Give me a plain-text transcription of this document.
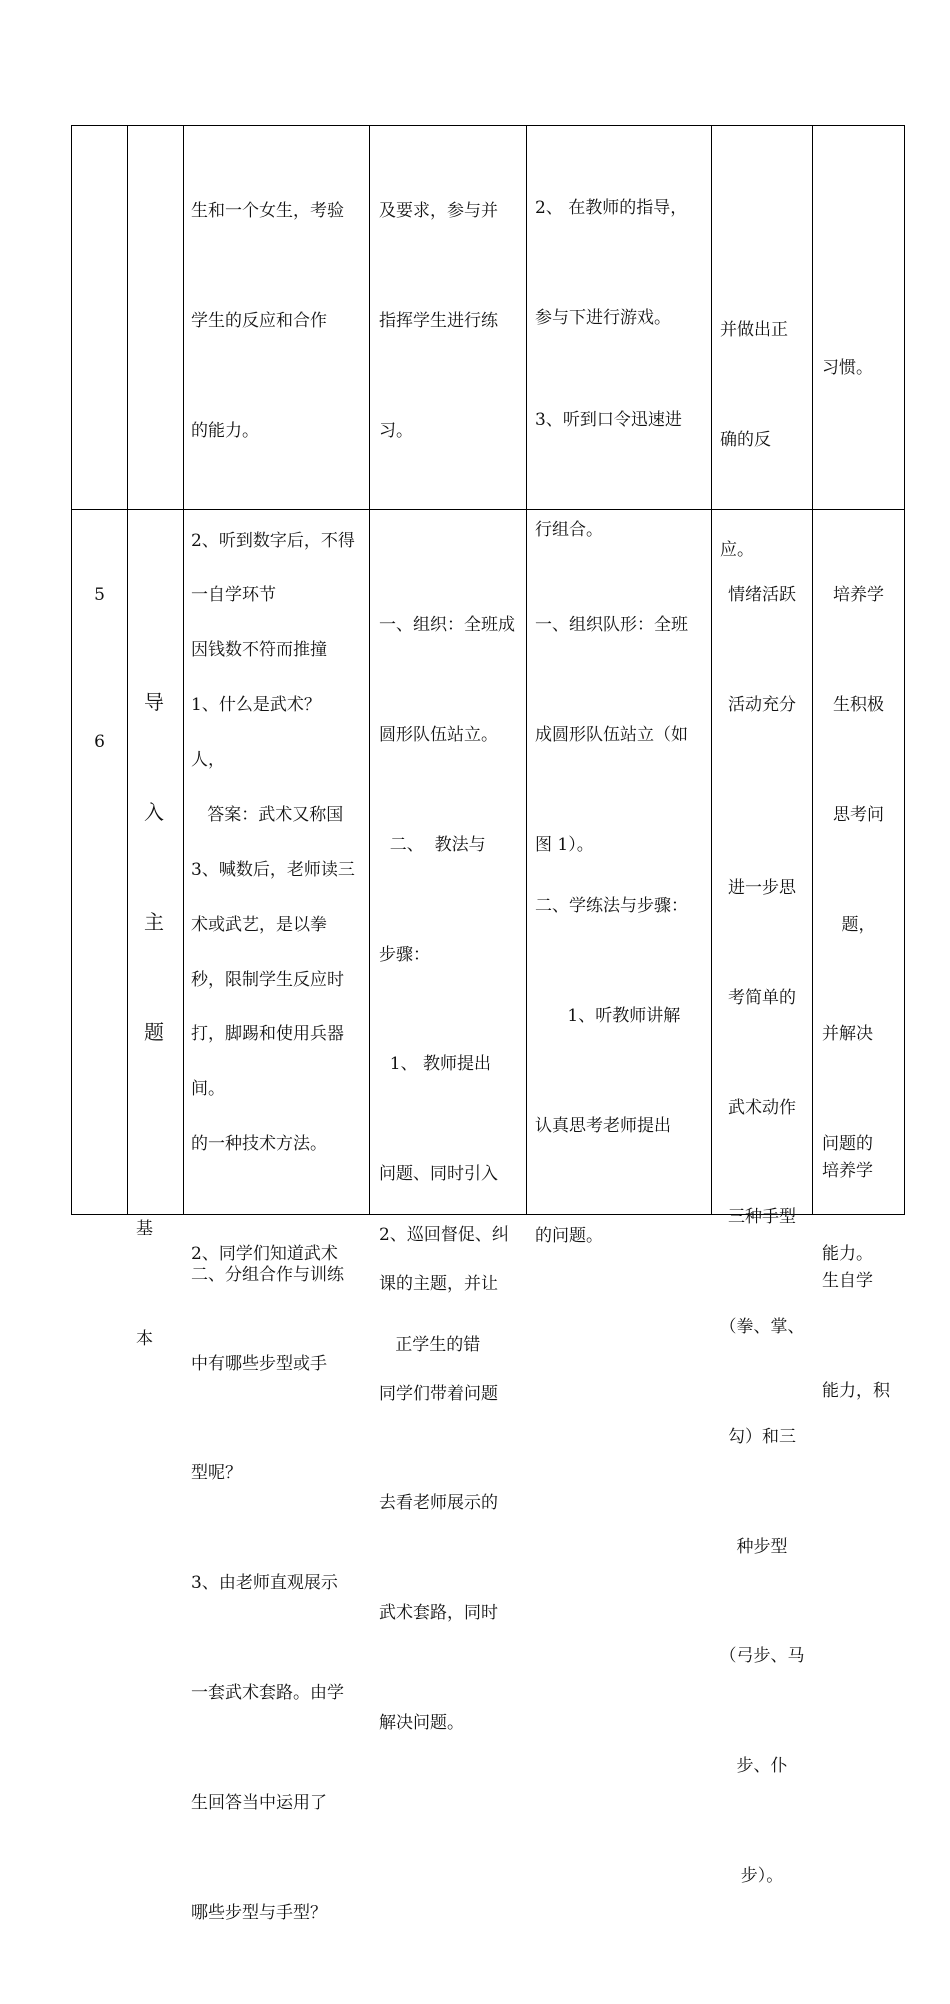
生和一个女生，考验

学生的反应和合作

的能力。

2、听到数字后，不得

因钱数不符而推撞

人，

3、喊数后，老师读三

秒，限制学生反应时

间。

及要求，参与并

指挥学生进行练

习。

2、 在教师的指导，

参与下进行游戏。

3、听到口令迅速进

行组合。

并做出正

确的反

应。

习惯。

5

6

导

入

主

题

基

本

一自学环节

1、什么是武术？

答案：武术又称国

术或武艺，是以拳

打，脚踢和使用兵器

的一种技术方法。

2、同学们知道武术

中有哪些步型或手

型呢？

3、由老师直观展示

一套武术套路。由学

生回答当中运用了

哪些步型与手型？

二、分组合作与训练

一、组织：全班成

圆形队伍站立。

二、  教法与

步骤：

1、 教师提出

问题、同时引入

课的主题，并让

同学们带着问题

去看老师展示的

武术套路，同时

解决问题。

2、巡回督促、纠

正学生的错

一、组织队形：全班

成圆形队伍站立（如

图 1）。

二、学练法与步骤：

1、听教师讲解

认真思考老师提出

的问题。

情绪活跃

活动充分

进一步思

考简单的

武术动作

三种手型

（拳、掌、

勾）和三

种步型

（弓步、马

步、仆

步）。

培养学

生积极

思考问

题，

并解决

问题的

能力。

培养学

生自学

能力，积
